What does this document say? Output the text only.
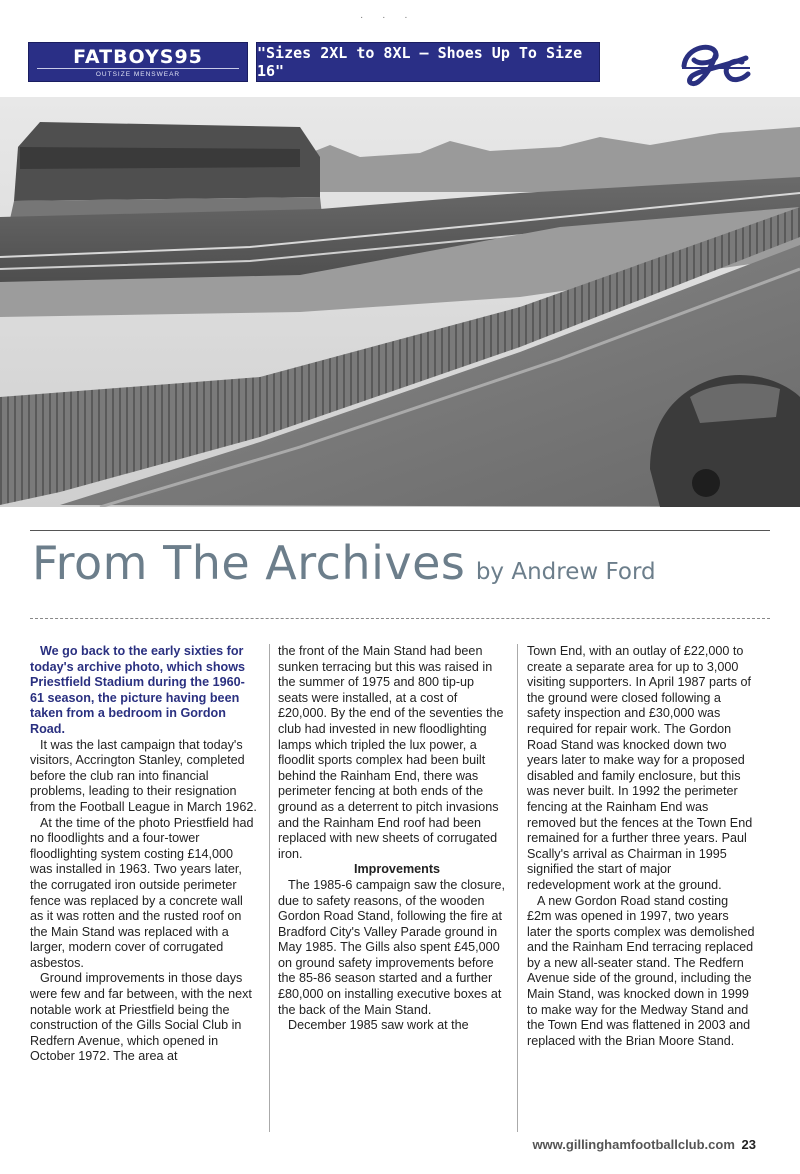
· · ·
FATBOYS95
OUTSIZE MENSWEAR
"Sizes 2XL to 8XL – Shoes Up To Size 16"
From The Archives by Andrew Ford

We go back to the early sixties for today's archive photo, which shows Priestfield Stadium during the 1960-61 season, the picture having been taken from a bedroom in Gordon Road.

It was the last campaign that today's visitors, Accrington Stanley, completed before the club ran into financial problems, leading to their resignation from the Football League in March 1962.

At the time of the photo Priestfield had no floodlights and a four-tower floodlighting system costing £14,000 was installed in 1963. Two years later, the corrugated iron outside perimeter fence was replaced by a concrete wall as it was rotten and the rusted roof on the Main Stand was replaced with a larger, modern cover of corrugated asbestos.

Ground improvements in those days were few and far between, with the next notable work at Priestfield being the construction of the Gills Social Club in Redfern Avenue, which opened in October 1972. The area at

the front of the Main Stand had been sunken terracing but this was raised in the summer of 1975 and 800 tip-up seats were installed, at a cost of £20,000. By the end of the seventies the club had invested in new floodlighting lamps which tripled the lux power, a floodlit sports complex had been built behind the Rainham End, there was perimeter fencing at both ends of the ground as a deterrent to pitch invasions and the Rainham End roof had been replaced with new sheets of corrugated iron.

Improvements

The 1985-6 campaign saw the closure, due to safety reasons, of the wooden Gordon Road Stand, following the fire at Bradford City's Valley Parade ground in May 1985. The Gills also spent £45,000 on ground safety improvements before the 85-86 season started and a further £80,000 on installing executive boxes at the back of the Main Stand.

December 1985 saw work at the

Town End, with an outlay of £22,000 to create a separate area for up to 3,000 visiting supporters. In April 1987 parts of the ground were closed following a safety inspection and £30,000 was required for repair work. The Gordon Road Stand was knocked down two years later to make way for a proposed disabled and family enclosure, but this was never built. In 1992 the perimeter fencing at the Rainham End was removed but the fences at the Town End remained for a further three years. Paul Scally's arrival as Chairman in 1995 signified the start of major redevelopment work at the ground.

A new Gordon Road stand costing £2m was opened in 1997, two years later the sports complex was demolished and the Rainham End terracing replaced by a new all-seater stand. The Redfern Avenue side of the ground, including the Main Stand, was knocked down in 1999 to make way for the Medway Stand and the Town End was flattened in 2003 and replaced with the Brian Moore Stand.

www.gillinghamfootballclub.com 23
